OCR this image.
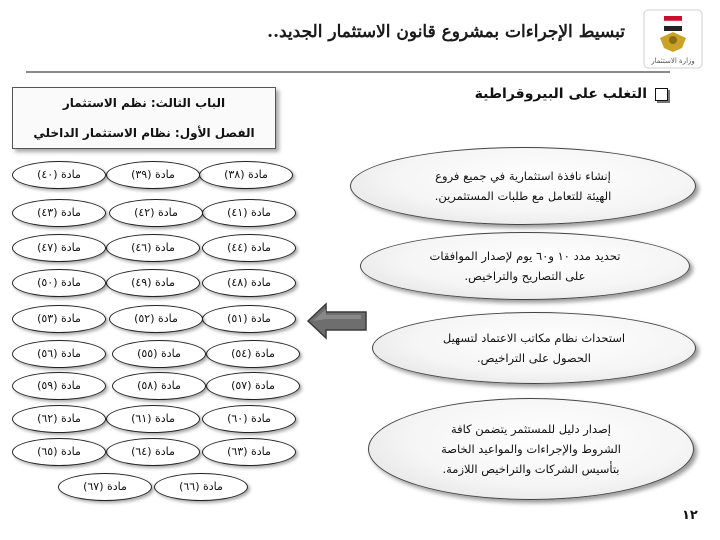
تبسيط الإجراءات بمشروع قانون الاستثمار الجديد..
وزارة الاستثمار
التغلب على البيروقراطية
الباب الثالث: نظم الاستثمار
الفصل الأول: نظام الاستثمار الداخلي
مادة (٣٨)
مادة (٣٩)
مادة (٤٠)
مادة (٤١)
مادة (٤٢)
مادة (٤٣)
مادة (٤٤)
مادة (٤٦)
مادة (٤٧)
مادة (٤٨)
مادة (٤٩)
مادة (٥٠)
مادة (٥١)
مادة (٥٢)
مادة (٥٣)
مادة (٥٤)
مادة (٥٥)
مادة (٥٦)
مادة (٥٧)
مادة (٥٨)
مادة (٥٩)
مادة (٦٠)
مادة (٦١)
مادة (٦٢)
مادة (٦٣)
مادة (٦٤)
مادة (٦٥)
مادة (٦٦)
مادة (٦٧)
إنشاء نافذة استثمارية في جميع فروع
الهيئة للتعامل مع طلبات المستثمرين.
تحديد مدد ١٠ و٦٠ يوم لإصدار الموافقات
على التصاريح والتراخيص.
استحداث نظام مكاتب الاعتماد لتسهيل
الحصول على التراخيص.
إصدار دليل للمستثمر يتضمن كافة
الشروط والإجراءات والمواعيد الخاصة
بتأسيس الشركات والتراخيص اللازمة.
١٢
